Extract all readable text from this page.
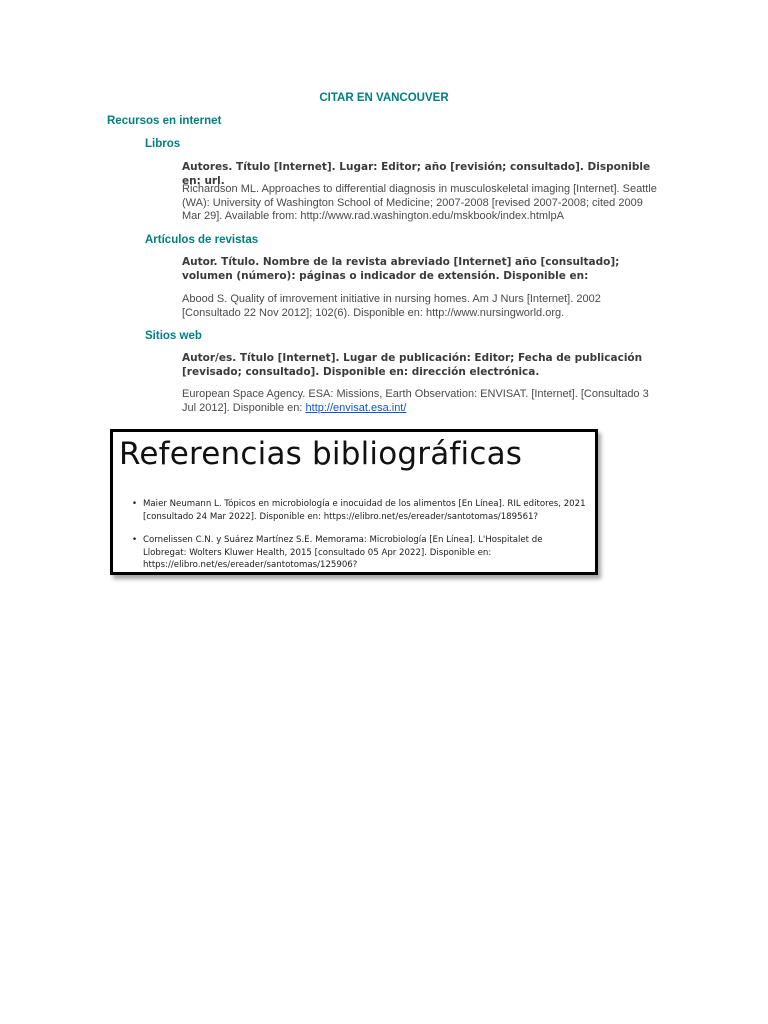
CITAR EN VANCOUVER
Recursos en internet
Libros
Autores. Título [Internet]. Lugar: Editor; año [revisión; consultado]. Disponible en: url.
Richardson ML. Approaches to differential diagnosis in musculoskeletal imaging [Internet]. Seattle (WA): University of Washington School of Medicine; 2007-2008 [revised 2007-2008; cited 2009 Mar 29]. Available from: http://www.rad.washington.edu/mskbook/index.htmlpA
Artículos de revistas
Autor. Título. Nombre de la revista abreviado [Internet] año [consultado]; volumen (número): páginas o indicador de extensión. Disponible en:
Abood S. Quality of imrovement initiative in nursing homes. Am J Nurs [Internet]. 2002 [Consultado 22 Nov 2012]; 102(6). Disponible en: http://www.nursingworld.org.
Sitios web
Autor/es. Título [Internet]. Lugar de publicación: Editor; Fecha de publicación [revisado; consultado]. Disponible en: dirección electrónica.
European Space Agency. ESA: Missions, Earth Observation: ENVISAT. [Internet]. [Consultado 3 Jul 2012]. Disponible en: http://envisat.esa.int/
Referencias bibliográficas
• Maier Neumann L. Tópicos en microbiología e inocuidad de los alimentos [En Línea]. RIL editores, 2021 [consultado 24 Mar 2022]. Disponible en: https://elibro.net/es/ereader/santotomas/189561?
• Cornelissen C.N. y Suárez Martínez S.E. Memorama: Microbiología [En Línea]. L'Hospitalet de Llobregat: Wolters Kluwer Health, 2015 [consultado 05 Apr 2022]. Disponible en: https://elibro.net/es/ereader/santotomas/125906?
